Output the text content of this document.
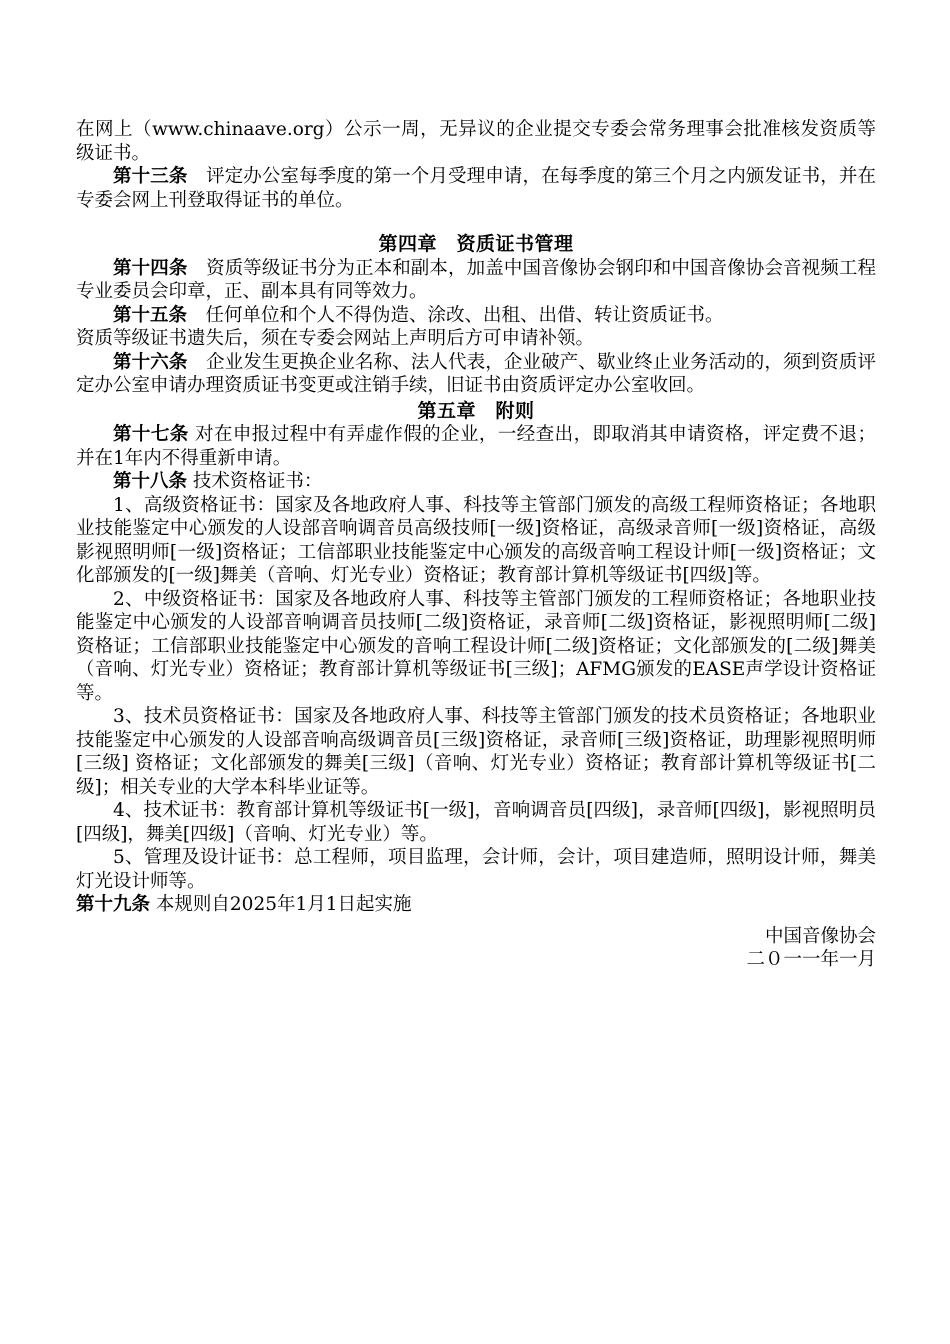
在网上（www.chinaave.org）公示一周，无异议的企业提交专委会常务理事会批准核发资质等级证书。

第十三条　 评定办公室每季度的第一个月受理申请，在每季度的第三个月之内颁发证书，并在专委会网上刊登取得证书的单位。

第四章　资质证书管理

第十四条　 资质等级证书分为正本和副本，加盖中国音像协会钢印和中国音像协会音视频工程专业委员会印章，正、副本具有同等效力。

第十五条　 任何单位和个人不得伪造、涂改、出租、出借、转让资质证书。

资质等级证书遗失后，须在专委会网站上声明后方可申请补领。

第十六条　 企业发生更换企业名称、法人代表，企业破产、歇业终止业务活动的，须到资质评定办公室申请办理资质证书变更或注销手续，旧证书由资质评定办公室收回。

第五章　附则

第十七条 对在申报过程中有弄虚作假的企业，一经查出，即取消其申请资格，评定费不退；并在1年内不得重新申请。

第十八条 技术资格证书：

1、高级资格证书：国家及各地政府人事、科技等主管部门颁发的高级工程师资格证；各地职业技能鉴定中心颁发的人设部音响调音员高级技师[一级]资格证，高级录音师[一级]资格证，高级影视照明师[一级]资格证；工信部职业技能鉴定中心颁发的高级音响工程设计师[一级]资格证；文化部颁发的[一级]舞美（音响、灯光专业）资格证；教育部计算机等级证书[四级]等。

2、中级资格证书：国家及各地政府人事、科技等主管部门颁发的工程师资格证；各地职业技能鉴定中心颁发的人设部音响调音员技师[二级]资格证，录音师[二级]资格证，影视照明师[二级] 资格证；工信部职业技能鉴定中心颁发的音响工程设计师[二级]资格证；文化部颁发的[二级]舞美（音响、灯光专业）资格证；教育部计算机等级证书[三级]；AFMG颁发的EASE声学设计资格证等。

3、技术员资格证书：国家及各地政府人事、科技等主管部门颁发的技术员资格证；各地职业技能鉴定中心颁发的人设部音响高级调音员[三级]资格证，录音师[三级]资格证，助理影视照明师[三级] 资格证；文化部颁发的舞美[三级]（音响、灯光专业）资格证；教育部计算机等级证书[二级]；相关专业的大学本科毕业证等。

4、技术证书：教育部计算机等级证书[一级]，音响调音员[四级]，录音师[四级]，影视照明员[四级]，舞美[四级]（音响、灯光专业）等。

5、管理及设计证书：总工程师，项目监理，会计师，会计，项目建造师，照明设计师，舞美灯光设计师等。

第十九条 本规则自2025年1月1日起实施

中国音像协会

二０一一年一月
